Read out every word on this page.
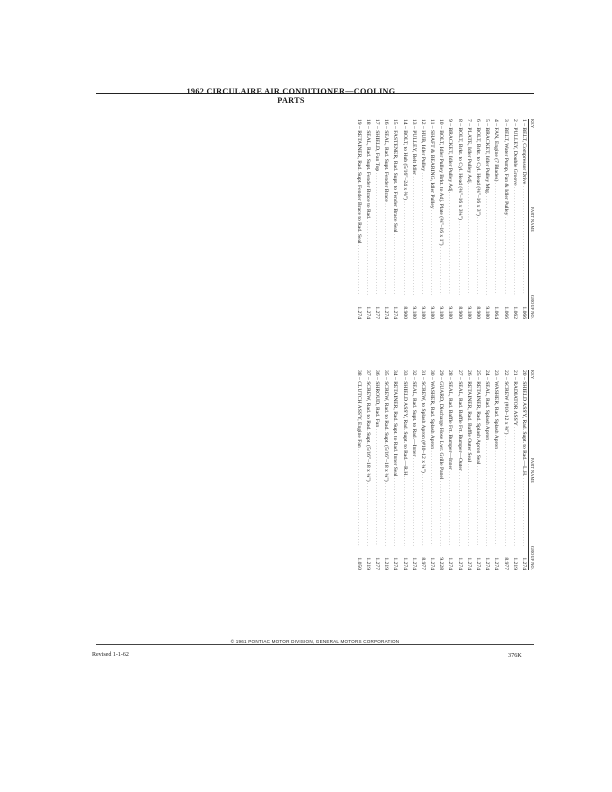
1962 CIRCULAIRE AIR CONDITIONER—COOLING PARTS
KEY
PART NAME
GROUP NO.
1 – BELT, Compressor Drive . . .
1.066
2 – PULLEY, Double Groove . . .
1.062
3 – BELT, Water Pump, Fan & Idler Pulley . . .
1.066
4 – FAN, Engine (7 Blades) . . .
1.064
5 – BRACKET, Idler Pulley Mtg. . . .
9.180
6 – BOLT, Brkt. to Cyl. Head (⅜"–16 x 3") . . .
8.900
7 – PLATE, Idler Pulley Adj. . . .
9.180
8 – BOLT, Brkt. to Cyl. Head (⅜"–16 x 3¾") . . .
8.900
9 – BRACKET, Idler Pulley Adj. . . .
9.180
10 – BOLT, Idler Pulley Brkt. to Adj. Plate (⅜"–16 x 1") . . .
9.180
11 – SHAFT & BEARING, Idler Pulley . . .
9.180
12 – HUB, Idler Pulley . . .
9.180
13 – PULLEY, Belt Idler . . .
9.180
14 – BOLT, to Hub (5/16"–24 x ⅝") . . .
8.900
15 – FASTENER, Rad. Supt. to Fender Brace Seal . . .
1.274
16 – SEAL, Rad. Supt. Fender Brace . . .
1.274
17 – SHIELD, Fan Top . . .
1.277
18 – SEAL, Rad. Supt. Fender Brace to Rad. . . .
1.274
19 – RETAINER, Rad. Supt. Fender Brace to Rad. Seal . . .
1.274
KEY
PART NAME
GROUP NO.
20 – SHIELD ASS'Y, Rad. Supt. to Rad.—L.H. . . .
1.274
21 – RADIATOR ASS'Y . . .
1.219
22 – SCREW (#10–12 x ⅝") . . .
8.977
23 – WASHER, Rad. Splash Apron . . .
1.274
24 – SEAL, Rad. Splash Apron . . .
1.274
25 – RETAINER, Rad. Splash Apron Seal . . .
1.274
26 – RETAINER, Rad. Baffle Outer Seal . . .
1.274
27 – SEAL, Rad. Baffle Frt. Bumper—Outer . . .
1.274
28 – SEAL, Rad. Baffle Frt. Bumper—Inner . . .
1.274
29 – GUARD, Discharge Hose Lwr. Grille Panel . . .
9.228
30 – WASHER, Rad. Splash Apron . . .
1.274
31 – SCREW, to Splash Apron (#10–12 x ¾") . . .
8.977
32 – SEAL, Rad. Supt. to Rad.—Inner . . .
1.274
33 – SHIELD ASS'Y, Rad. Supt. to Rad.—R.H. . . .
1.274
34 – RETAINER, Rad. Supt. to Rad. Inner Seal . . .
1.274
35 – SCREW, Rad. to Rad. Supt. (5/16"–18 x ¾") . . .
1.219
36 – SHROUD, Rad. Fan . . .
1.277
37 – SCREW, Rad. to Rad. Supt. (5/16"–18 x ¾") . . .
1.219
38 – CLUTCH ASS'Y, Engine Fan . . .
1.050
© 1961 PONTIAC MOTOR DIVISION, GENERAL MOTORS CORPORATION
Revised 1-1-62	376K
